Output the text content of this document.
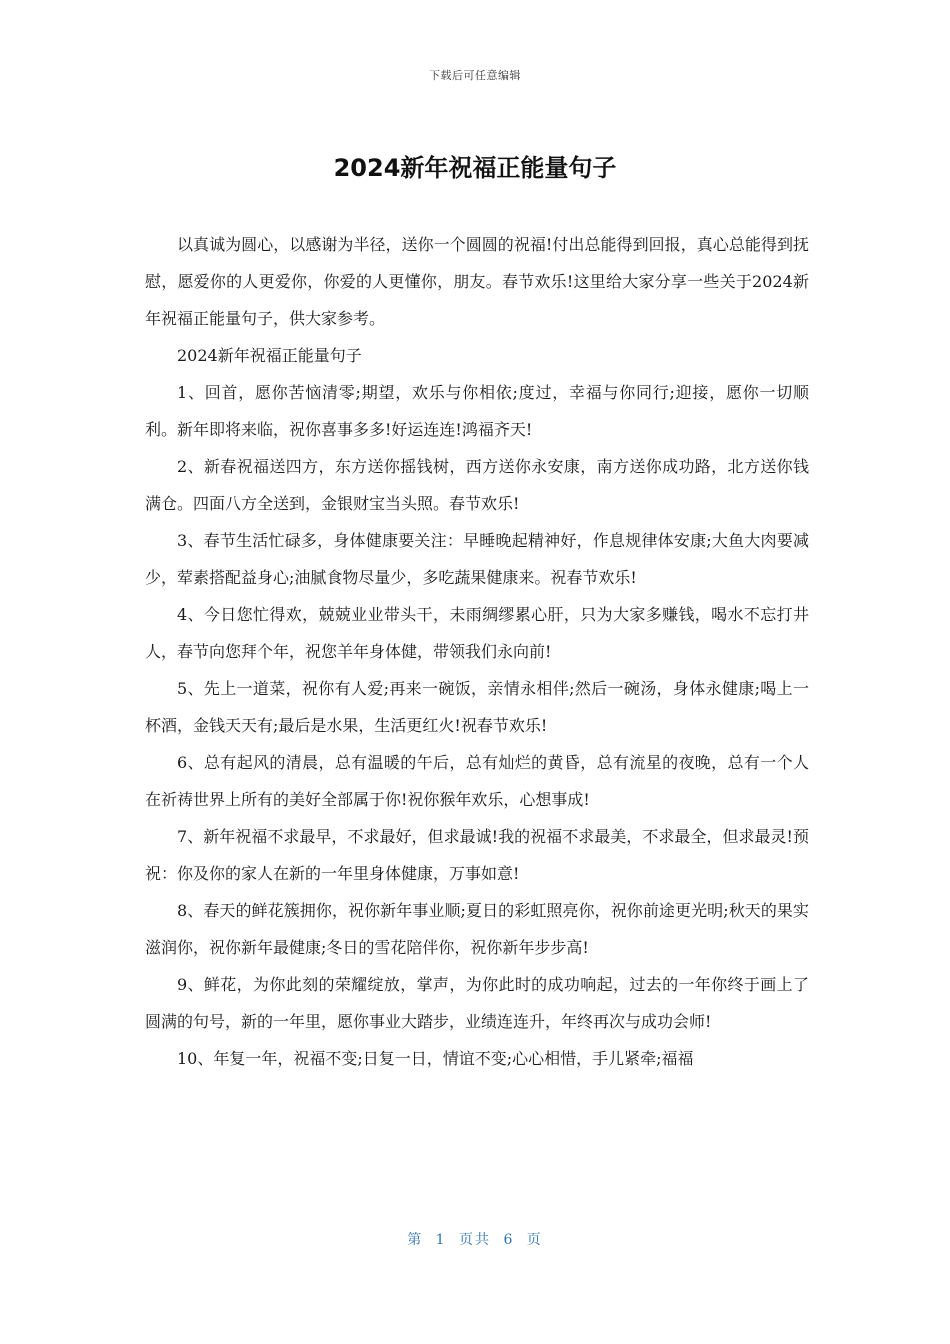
下载后可任意编辑
2024新年祝福正能量句子

以真诚为圆心，以感谢为半径，送你一个圆圆的祝福!付出总能得到回报，真心总能得到抚慰，愿爱你的人更爱你，你爱的人更懂你，朋友。春节欢乐!这里给大家分享一些关于2024新年祝福正能量句子，供大家参考。

2024新年祝福正能量句子

1、回首，愿你苦恼清零;期望，欢乐与你相依;度过，幸福与你同行;迎接，愿你一切顺利。新年即将来临，祝你喜事多多!好运连连!鸿福齐天!

2、新春祝福送四方，东方送你摇钱树，西方送你永安康，南方送你成功路，北方送你钱满仓。四面八方全送到，金银财宝当头照。春节欢乐!

3、春节生活忙碌多，身体健康要关注：早睡晚起精神好，作息规律体安康;大鱼大肉要减少，荤素搭配益身心;油腻食物尽量少，多吃蔬果健康来。祝春节欢乐!

4、今日您忙得欢，兢兢业业带头干，未雨绸缪累心肝，只为大家多赚钱，喝水不忘打井人，春节向您拜个年，祝您羊年身体健，带领我们永向前!

5、先上一道菜，祝你有人爱;再来一碗饭，亲情永相伴;然后一碗汤，身体永健康;喝上一杯酒，金钱天天有;最后是水果，生活更红火!祝春节欢乐!

6、总有起风的清晨，总有温暖的午后，总有灿烂的黄昏，总有流星的夜晚，总有一个人在祈祷世界上所有的美好全部属于你!祝你猴年欢乐，心想事成!

7、新年祝福不求最早，不求最好，但求最诚!我的祝福不求最美，不求最全，但求最灵!预祝：你及你的家人在新的一年里身体健康，万事如意!

8、春天的鲜花簇拥你，祝你新年事业顺;夏日的彩虹照亮你，祝你前途更光明;秋天的果实滋润你，祝你新年最健康;冬日的雪花陪伴你，祝你新年步步高!

9、鲜花，为你此刻的荣耀绽放，掌声，为你此时的成功响起，过去的一年你终于画上了圆满的句号，新的一年里，愿你事业大踏步，业绩连连升，年终再次与成功会师!

10、年复一年，祝福不变;日复一日，情谊不变;心心相惜，手儿紧牵;福福

第 1 页共 6 页
